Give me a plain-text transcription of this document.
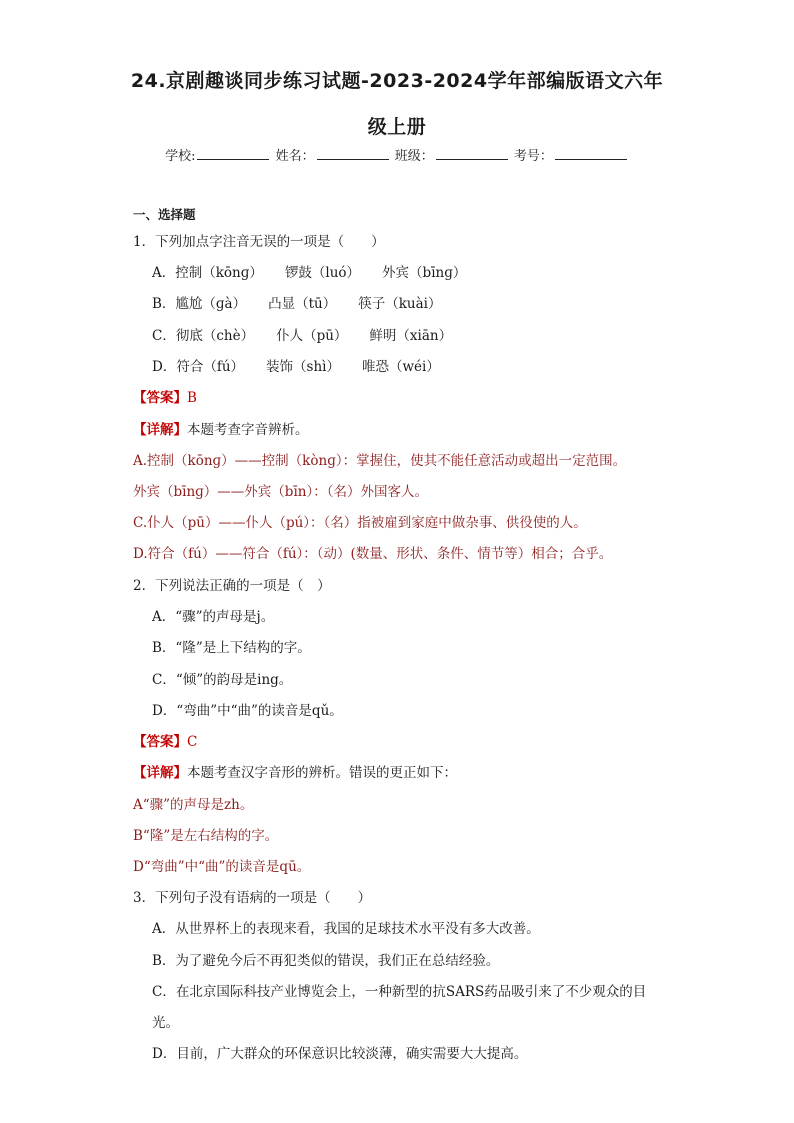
24.京剧趣谈同步练习试题-2023-2024学年部编版语文六年
级上册
学校:	姓名：	班级：	考号：
一、选择题
1．下列加点字注音无误的一项是（　　）
A．控制（kōnɡ） 锣鼓（luó） 外宾（bīnɡ）
B．尴尬（ɡà） 凸显（tū） 筷子（kuài）
C．彻底（chè） 仆人（pū） 鲜明（xiān）
D．符合（fú） 装饰（shì） 唯恐（wéi）
【答案】B
【详解】本题考查字音辨析。
A.控制（kōnɡ）——控制（kònɡ）：掌握住，使其不能任意活动或超出一定范围。
外宾（bīnɡ）——外宾（bīn）：（名）外国客人。
C.仆人（pū）——仆人（pú）：（名）指被雇到家庭中做杂事、供役使的人。
D.符合（fú）——符合（fú）：（动）(数量、形状、条件、情节等）相合；合乎。
2．下列说法正确的一项是（　）
A．“骤”的声母是j。
B．“隆”是上下结构的字。
C．“倾”的韵母是ing。
D．“弯曲”中“曲”的读音是qǔ。
【答案】C
【详解】本题考查汉字音形的辨析。错误的更正如下：
A“骤”的声母是zh。
B“隆”是左右结构的字。
D“弯曲”中“曲”的读音是qū。
3．下列句子没有语病的一项是（　　）
A．从世界杯上的表现来看，我国的足球技术水平没有多大改善。
B．为了避免今后不再犯类似的错误，我们正在总结经验。
C．在北京国际科技产业博览会上，一种新型的抗SARS药品吸引来了不少观众的目
光。
D．目前，广大群众的环保意识比较淡薄，确实需要大大提高。
